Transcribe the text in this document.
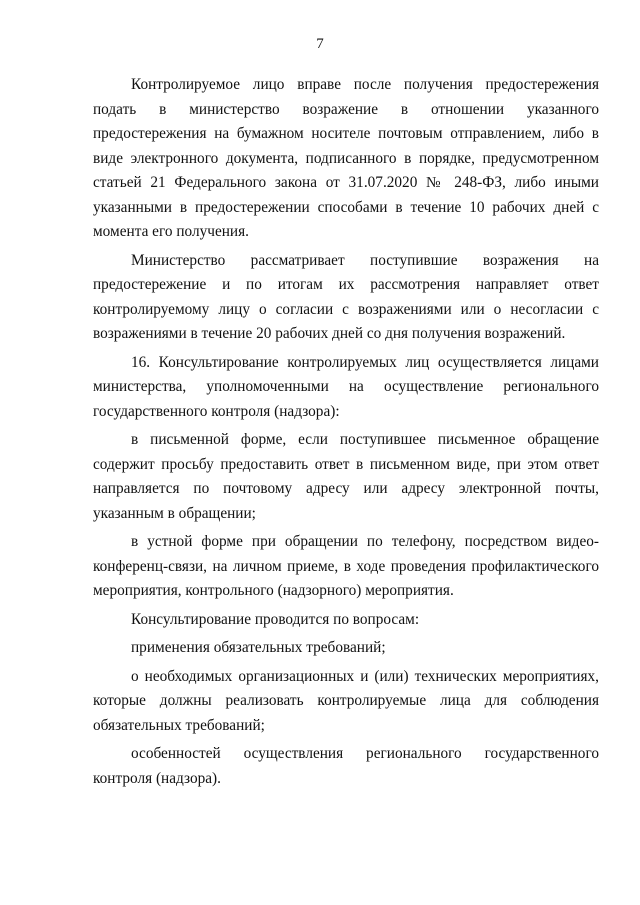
7

Контролируемое лицо вправе после получения предостережения подать в министерство возражение в отношении указанного предостережения на бумажном носителе почтовым отправлением, либо в виде электронного документа, подписанного в порядке, предусмотренном статьей 21 Федерального закона от 31.07.2020 № 248-ФЗ, либо иными указанными в предостережении способами в течение 10 рабочих дней с момента его получения.

Министерство рассматривает поступившие возражения на предостережение и по итогам их рассмотрения направляет ответ контролируемому лицу о согласии с возражениями или о несогласии с возражениями в течение 20 рабочих дней со дня получения возражений.

16. Консультирование контролируемых лиц осуществляется лицами министерства, уполномоченными на осуществление регионального государственного контроля (надзора):

в письменной форме, если поступившее письменное обращение содержит просьбу предоставить ответ в письменном виде, при этом ответ направляется по почтовому адресу или адресу электронной почты, указанным в обращении;

в устной форме при обращении по телефону, посредством видео-конференц-связи, на личном приеме, в ходе проведения профилактического мероприятия, контрольного (надзорного) мероприятия.

Консультирование проводится по вопросам:

применения обязательных требований;

о необходимых организационных и (или) технических мероприятиях, которые должны реализовать контролируемые лица для соблюдения обязательных требований;

особенностей осуществления регионального государственного контроля (надзора).
